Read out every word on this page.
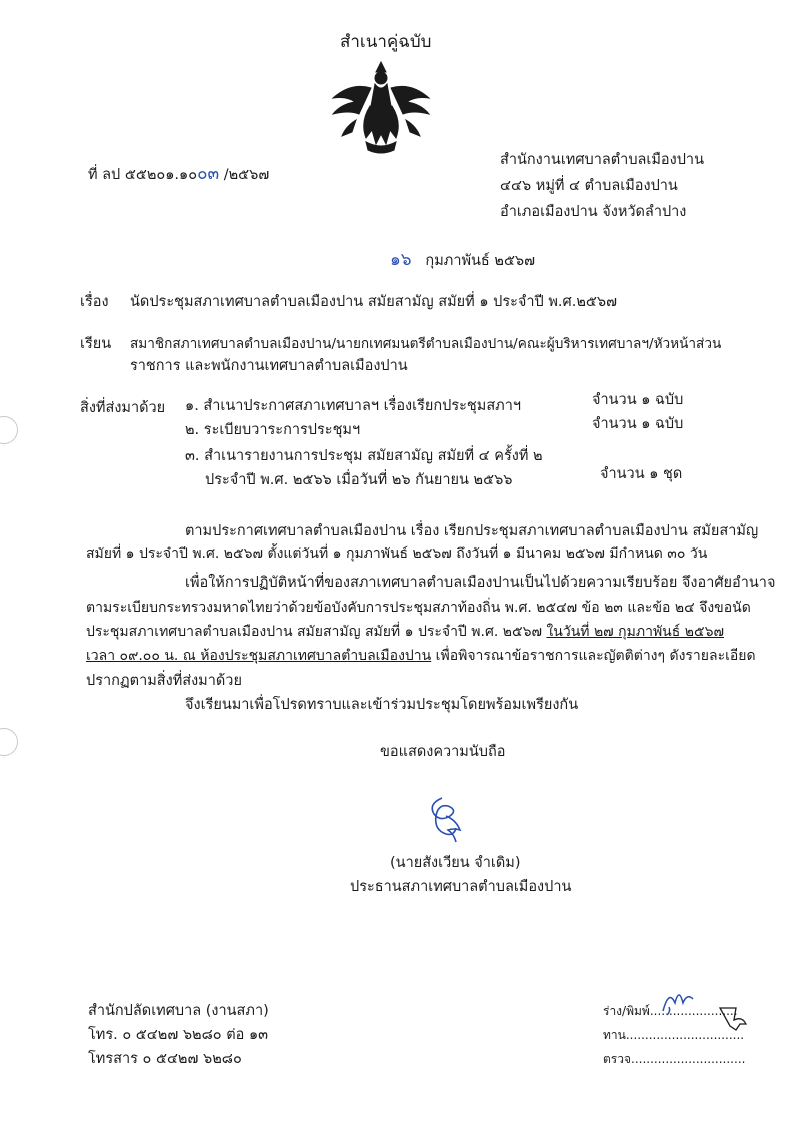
สำเนาคู่ฉบับ
ที่ ลป ๕๕๒๐๑.๑๐๐๓ /๒๕๖๗
สำนักงานเทศบาลตำบลเมืองปาน
๔๔๖ หมู่ที่ ๔ ตำบลเมืองปาน
อำเภอเมืองปาน จังหวัดลำปาง
๑๖ กุมภาพันธ์ ๒๕๖๗
เรื่อง นัดประชุมสภาเทศบาลตำบลเมืองปาน สมัยสามัญ สมัยที่ ๑ ประจำปี พ.ศ.๒๕๖๗
เรียน สมาชิกสภาเทศบาลตำบลเมืองปาน/นายกเทศมนตรีตำบลเมืองปาน/คณะผู้บริหารเทศบาลฯ/หัวหน้าส่วน
ราชการ และพนักงานเทศบาลตำบลเมืองปาน
สิ่งที่ส่งมาด้วย ๑. สำเนาประกาศสภาเทศบาลฯ เรื่องเรียกประชุมสภาฯ	จำนวน ๑ ฉบับ
๒. ระเบียบวาระการประชุมฯ	จำนวน ๑ ฉบับ
๓. สำเนารายงานการประชุม สมัยสามัญ สมัยที่ ๔ ครั้งที่ ๒
ประจำปี พ.ศ. ๒๕๖๖ เมื่อวันที่ ๒๖ กันยายน ๒๕๖๖	จำนวน ๑ ชุด
ตามประกาศเทศบาลตำบลเมืองปาน เรื่อง เรียกประชุมสภาเทศบาลตำบลเมืองปาน สมัยสามัญ
สมัยที่ ๑ ประจำปี พ.ศ. ๒๕๖๗ ตั้งแต่วันที่ ๑ กุมภาพันธ์ ๒๕๖๗ ถึงวันที่ ๑ มีนาคม ๒๕๖๗ มีกำหนด ๓๐ วัน
เพื่อให้การปฏิบัติหน้าที่ของสภาเทศบาลตำบลเมืองปานเป็นไปด้วยความเรียบร้อย จึงอาศัยอำนาจ
ตามระเบียบกระทรวงมหาดไทยว่าด้วยข้อบังคับการประชุมสภาท้องถิ่น พ.ศ. ๒๕๔๗ ข้อ ๒๓ และข้อ ๒๔ จึงขอนัด
ประชุมสภาเทศบาลตำบลเมืองปาน สมัยสามัญ สมัยที่ ๑ ประจำปี พ.ศ. ๒๕๖๗ ในวันที่ ๒๗ กุมภาพันธ์ ๒๕๖๗
เวลา ๐๙.๐๐ น. ณ ห้องประชุมสภาเทศบาลตำบลเมืองปาน เพื่อพิจารณาข้อราชการและญัตติต่างๆ ดังรายละเอียด
ปรากฏตามสิ่งที่ส่งมาด้วย
จึงเรียนมาเพื่อโปรดทราบและเข้าร่วมประชุมโดยพร้อมเพรียงกัน
ขอแสดงความนับถือ
(นายสังเวียน จำเดิม)
ประธานสภาเทศบาลตำบลเมืองปาน
สำนักปลัดเทศบาล (งานสภา)
โทร. ๐ ๕๔๒๗ ๖๒๘๐ ต่อ ๑๓
โทรสาร ๐ ๕๔๒๗ ๖๒๘๐
ร่าง/พิมพ์.......................
ทาน...............................
ตรวจ..............................
